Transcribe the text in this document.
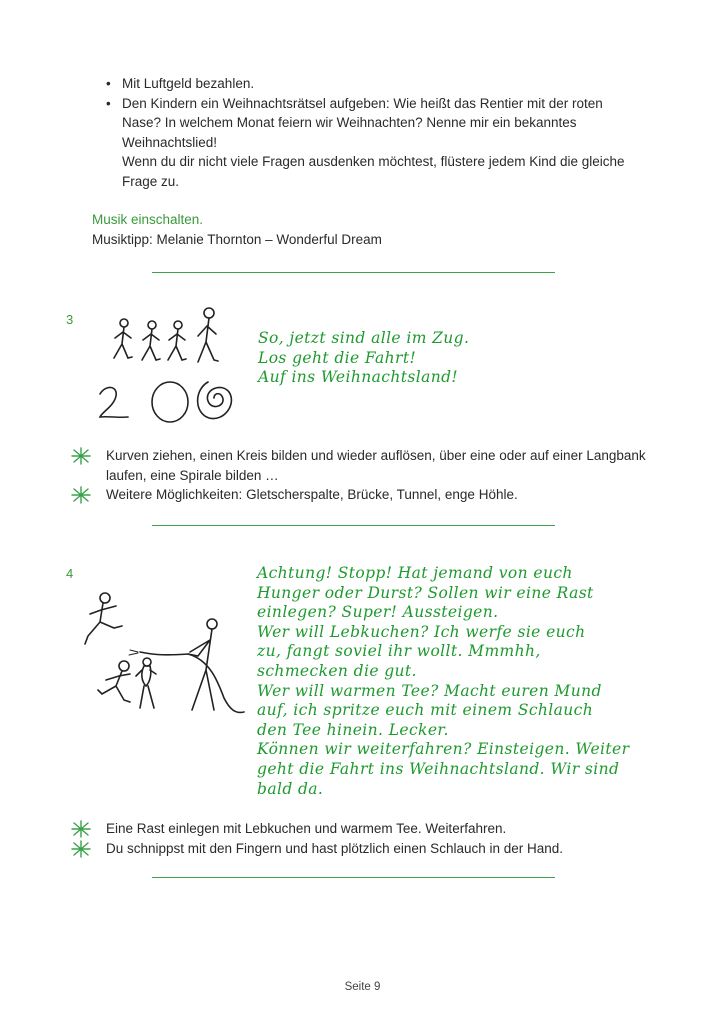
• Mit Luftgeld bezahlen.
• Den Kindern ein Weihnachtsrätsel aufgeben: Wie heißt das Rentier mit der roten Nase? In welchem Monat feiern wir Weihnachten? Nenne mir ein bekanntes Weihnachtslied!
Wenn du dir nicht viele Fragen ausdenken möchtest, flüstere jedem Kind die gleiche Frage zu.
Musik einschalten.
Musiktipp: Melanie Thornton – Wonderful Dream
3
So, jetzt sind alle im Zug.
Los geht die Fahrt!
Auf ins Weihnachtsland!
Kurven ziehen, einen Kreis bilden und wieder auflösen, über eine oder auf einer Langbank laufen, eine Spirale bilden …
Weitere Möglichkeiten: Gletscherspalte, Brücke, Tunnel, enge Höhle.
4	Achtung! Stopp! Hat jemand von euch
Hunger oder Durst? Sollen wir eine Rast
einlegen? Super! Aussteigen.
Wer will Lebkuchen? Ich werfe sie euch
zu, fangt soviel ihr wollt. Mmmhh,
schmecken die gut.
Wer will warmen Tee? Macht euren Mund
auf, ich spritze euch mit einem Schlauch
den Tee hinein. Lecker.
Können wir weiterfahren? Einsteigen. Weiter
geht die Fahrt ins Weihnachtsland. Wir sind
bald da.
Eine Rast einlegen mit Lebkuchen und warmem Tee. Weiterfahren.
Du schnippst mit den Fingern und hast plötzlich einen Schlauch in der Hand.
Seite 9
